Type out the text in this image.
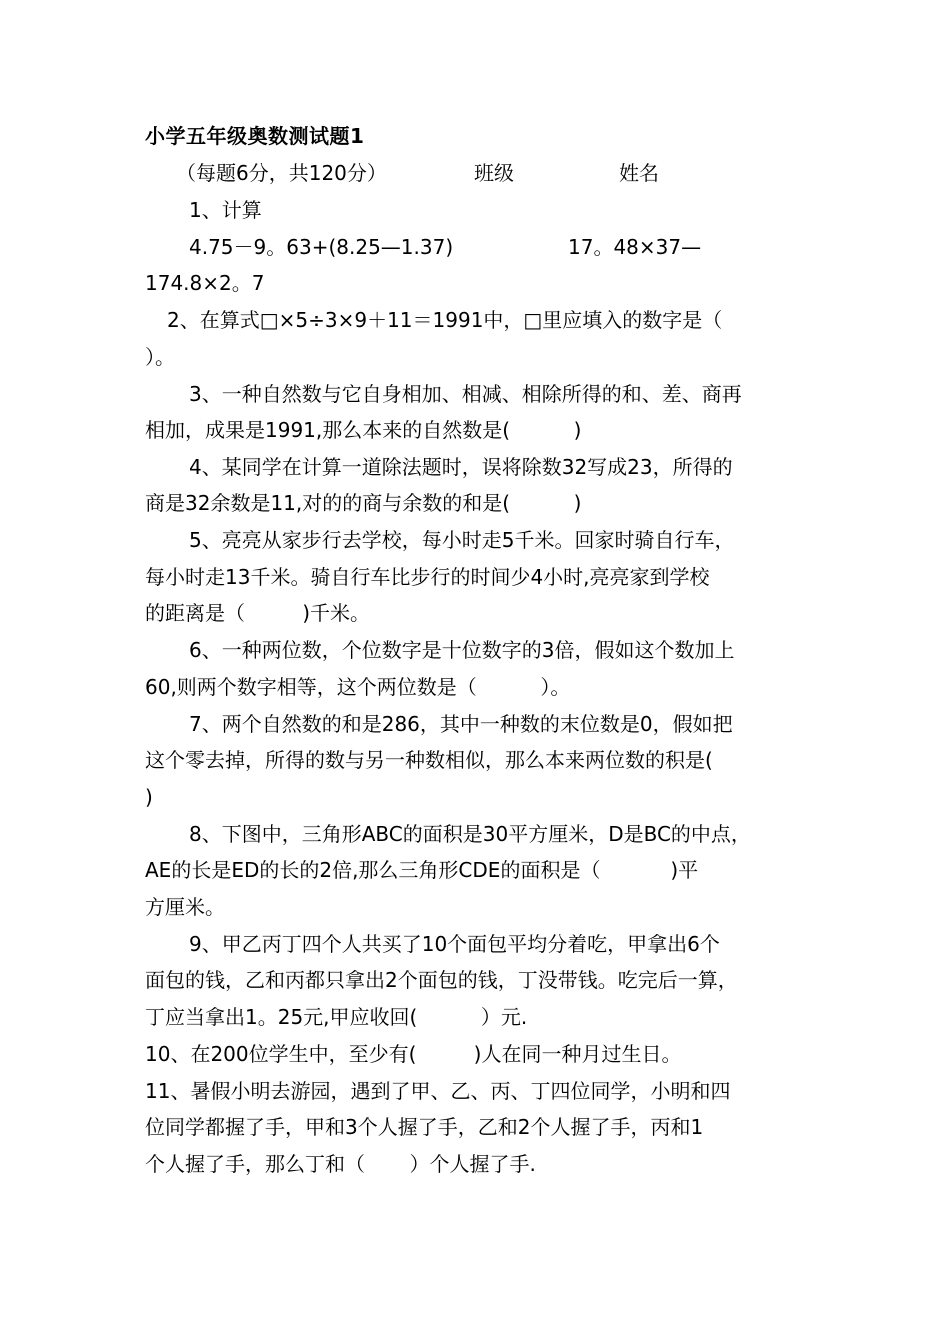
小学五年级奥数测试题1
（每题6分，共120分）	班级	姓名
1、计算
4.75－9。63+(8.25—1.37)	17。48×37—
174.8×2。7
2、在算式□×5÷3×9＋11＝1991中，□里应填入的数字是（
）。
3、一种自然数与它自身相加、相减、相除所得的和、差、商再
相加，成果是1991,那么本来的自然数是(          )
4、某同学在计算一道除法题时，误将除数32写成23，所得的
商是32余数是11,对的的商与余数的和是(          )
5、亮亮从家步行去学校，每小时走5千米。回家时骑自行车，
每小时走13千米。骑自行车比步行的时间少4小时,亮亮家到学校
的距离是（         )千米。
6、一种两位数，个位数字是十位数字的3倍，假如这个数加上
60,则两个数字相等，这个两位数是（          ）。
7、两个自然数的和是286，其中一种数的末位数是0，假如把
这个零去掉，所得的数与另一种数相似，那么本来两位数的积是(
)
8、下图中，三角形ABC的面积是30平方厘米，D是BC的中点，
AE的长是ED的长的2倍,那么三角形CDE的面积是（           )平
方厘米。
9、甲乙丙丁四个人共买了10个面包平均分着吃，甲拿出6个
面包的钱，乙和丙都只拿出2个面包的钱，丁没带钱。吃完后一算，
丁应当拿出1。25元,甲应收回(          ）元.
10、在200位学生中，至少有(         )人在同一种月过生日。
11、暑假小明去游园，遇到了甲、乙、丙、丁四位同学，小明和四
位同学都握了手，甲和3个人握了手，乙和2个人握了手，丙和1
个人握了手，那么丁和（       ）个人握了手.
